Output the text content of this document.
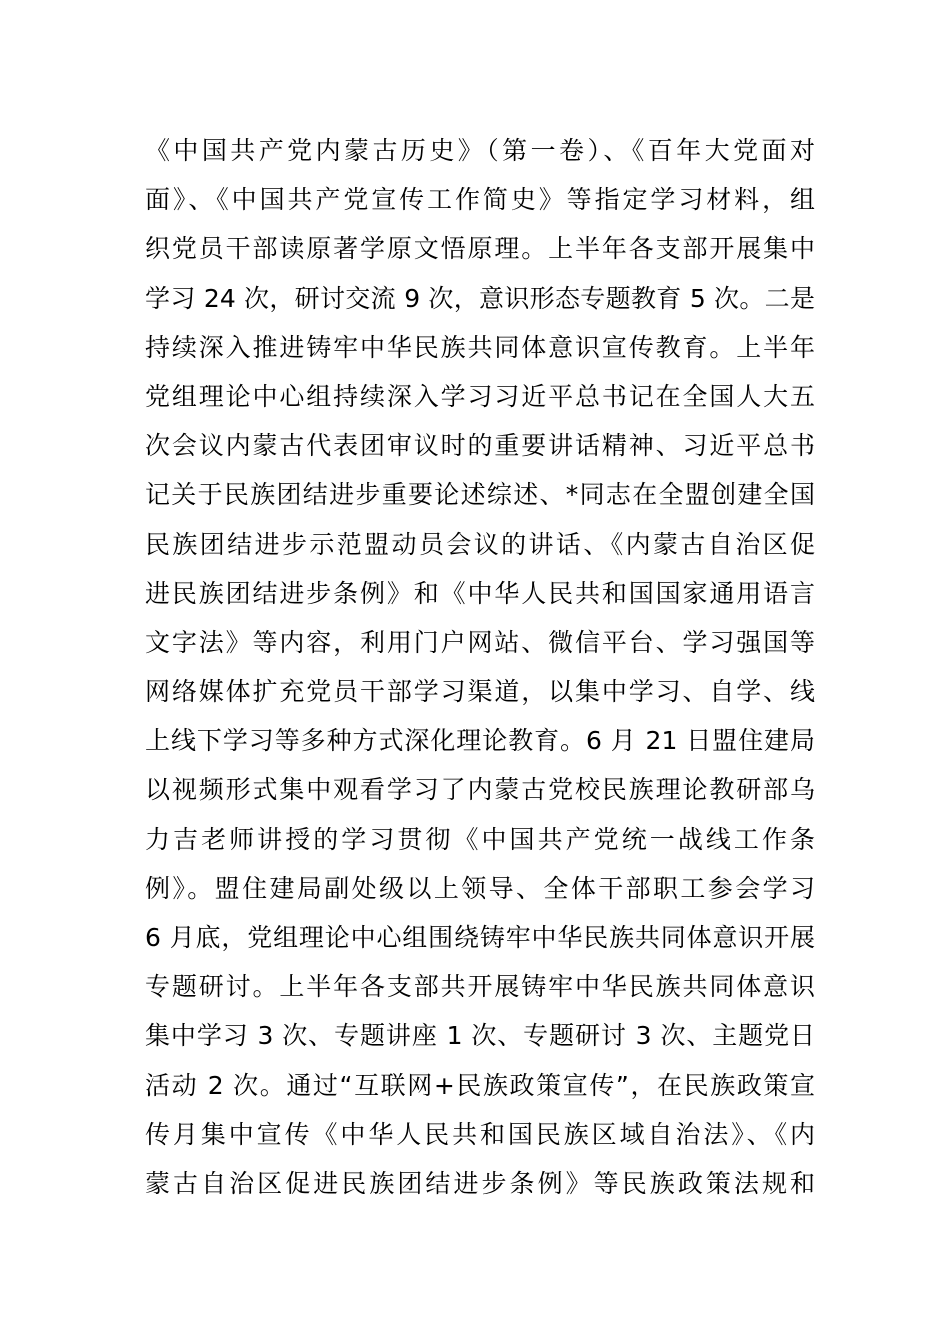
《中国共产党内蒙古历史》（第一卷）、《百年大党面对
面》、《中国共产党宣传工作简史》等指定学习材料，组
织党员干部读原著学原文悟原理。上半年各支部开展集中
学习 24 次，研讨交流 9 次，意识形态专题教育 5 次。二是
持续深入推进铸牢中华民族共同体意识宣传教育。上半年
党组理论中心组持续深入学习习近平总书记在全国人大五
次会议内蒙古代表团审议时的重要讲话精神、习近平总书
记关于民族团结进步重要论述综述、*同志在全盟创建全国
民族团结进步示范盟动员会议的讲话、《内蒙古自治区促
进民族团结进步条例》和《中华人民共和国国家通用语言
文字法》等内容，利用门户网站、微信平台、学习强国等
网络媒体扩充党员干部学习渠道，以集中学习、自学、线
上线下学习等多种方式深化理论教育。6 月 21 日盟住建局
以视频形式集中观看学习了内蒙古党校民族理论教研部乌
力吉老师讲授的学习贯彻《中国共产党统一战线工作条
例》。盟住建局副处级以上领导、全体干部职工参会学习
6 月底，党组理论中心组围绕铸牢中华民族共同体意识开展
专题研讨。上半年各支部共开展铸牢中华民族共同体意识
集中学习 3 次、专题讲座 1 次、专题研讨 3 次、主题党日
活动 2 次。通过“互联网+民族政策宣传”，在民族政策宣
传月集中宣传《中华人民共和国民族区域自治法》、《内
蒙古自治区促进民族团结进步条例》等民族政策法规和
